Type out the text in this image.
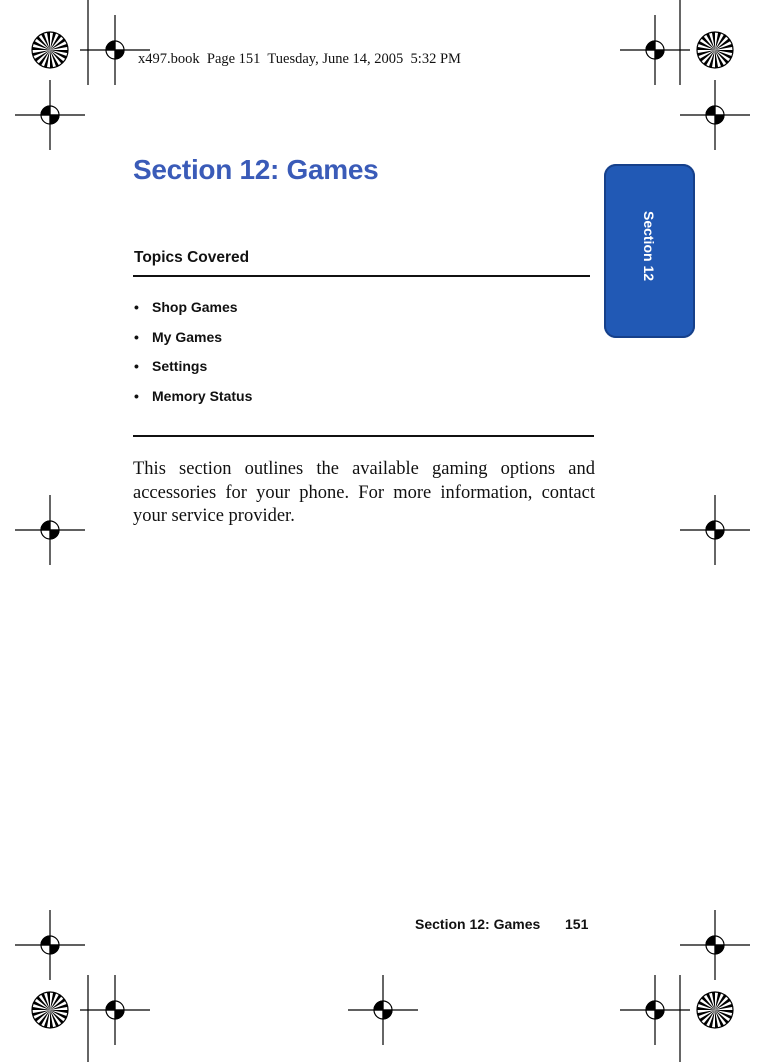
x497.book  Page 151  Tuesday, June 14, 2005  5:32 PM
Section 12
Section 12: Games
Topics Covered
• Shop Games
• My Games
• Settings
• Memory Status
This section outlines the available gaming options and accessories for your phone. For more information, contact your service provider.
Section 12: Games 151
